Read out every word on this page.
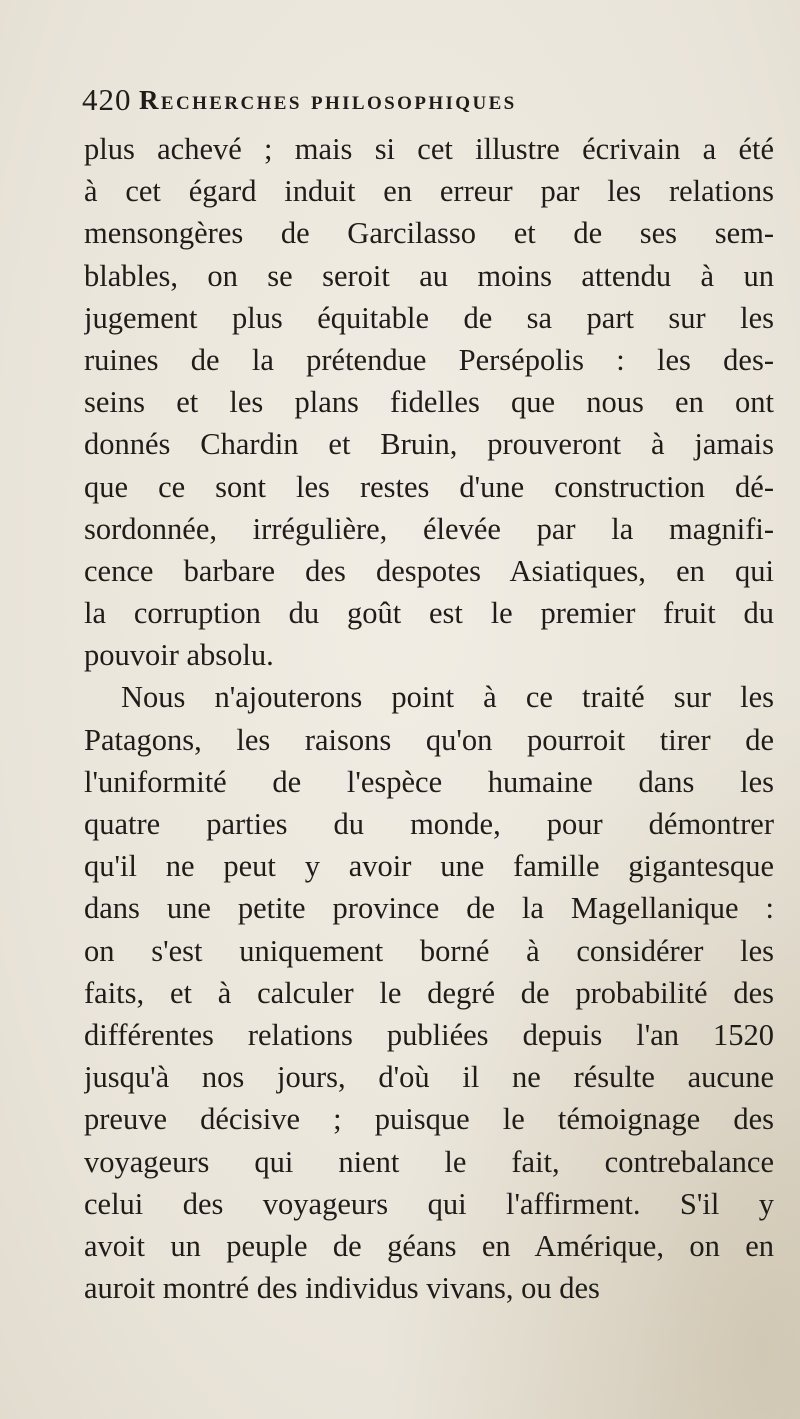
420 Recherches philosophiques
plus achevé ; mais si cet illustre écrivain a été
à cet égard induit en erreur par les relations
mensongères de Garcilasso et de ses sem-
blables, on se seroit au moins attendu à un
jugement plus équitable de sa part sur les
ruines de la prétendue Persépolis : les des-
seins et les plans fidelles que nous en ont
donnés Chardin et Bruin, prouveront à jamais
que ce sont les restes d'une construction dé-
sordonnée, irrégulière, élevée par la magnifi-
cence barbare des despotes Asiatiques, en qui
la corruption du goût est le premier fruit du
pouvoir absolu.
Nous n'ajouterons point à ce traité sur les
Patagons, les raisons qu'on pourroit tirer de
l'uniformité de l'espèce humaine dans les
quatre parties du monde, pour démontrer
qu'il ne peut y avoir une famille gigantesque
dans une petite province de la Magellanique :
on s'est uniquement borné à considérer les
faits, et à calculer le degré de probabilité des
différentes relations publiées depuis l'an 1520
jusqu'à nos jours, d'où il ne résulte aucune
preuve décisive ; puisque le témoignage des
voyageurs qui nient le fait, contrebalance
celui des voyageurs qui l'affirment. S'il y
avoit un peuple de géans en Amérique, on en
auroit montré des individus vivans, ou des
